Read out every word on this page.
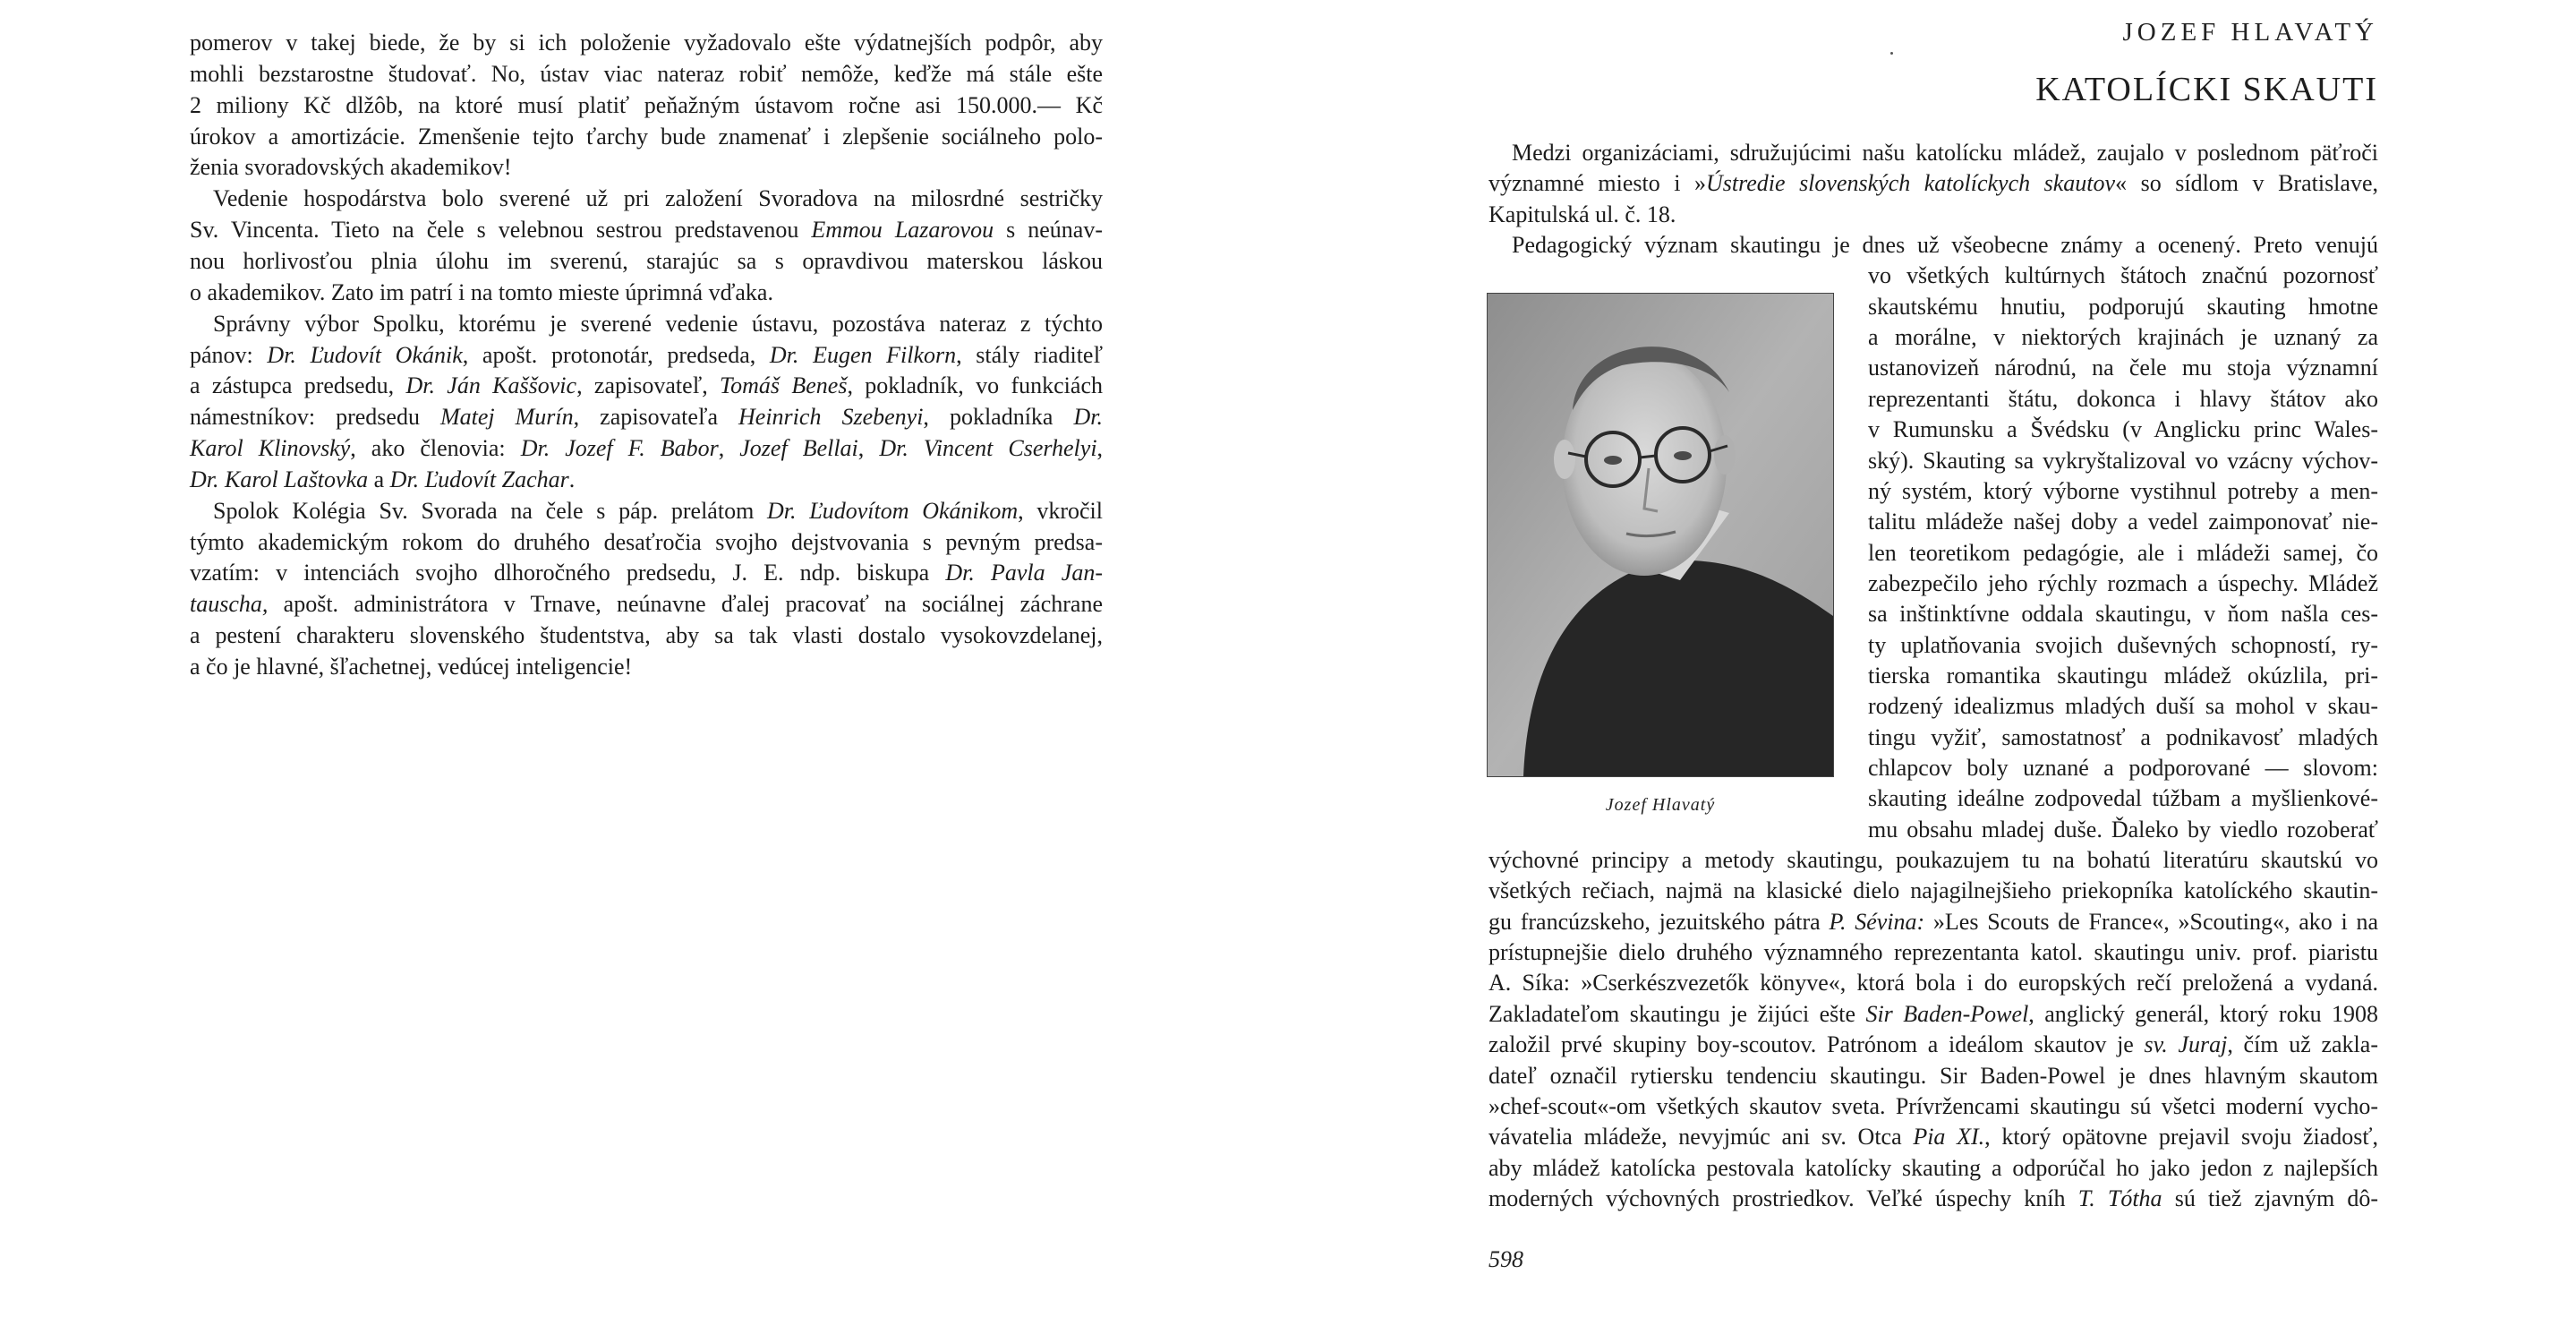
pomerov v takej biede, že by si ich položenie vyžadovalo ešte výdatnejších podpôr, aby
mohli bezstarostne študovať. No, ústav viac nateraz robiť nemôže, keďže má stále ešte
2 miliony Kč dlžôb, na ktoré musí platiť peňažným ústavom ročne asi 150.000.— Kč
úrokov a amortizácie. Zmenšenie tejto ťarchy bude znamenať i zlepšenie sociálneho polo-
ženia svoradovských akademikov!
Vedenie hospodárstva bolo sverené už pri založení Svoradova na milosrdné sestričky
Sv. Vincenta. Tieto na čele s velebnou sestrou predstavenou Emmou Lazarovou s neúnav-
nou horlivosťou plnia úlohu im sverenú, starajúc sa s opravdivou materskou láskou
o akademikov. Zato im patrí i na tomto mieste úprimná vďaka.
Správny výbor Spolku, ktorému je sverené vedenie ústavu, pozostáva nateraz z týchto
pánov: Dr. Ľudovít Okánik, apošt. protonotár, predseda, Dr. Eugen Filkorn, stály riaditeľ
a zástupca predsedu, Dr. Ján Kaššovic, zapisovateľ, Tomáš Beneš, pokladník, vo funkciách
námestníkov: predsedu Matej Murín, zapisovateľa Heinrich Szebenyi, pokladníka Dr.
Karol Klinovský, ako členovia: Dr. Jozef F. Babor, Jozef Bellai, Dr. Vincent Cserhelyi,
Dr. Karol Laštovka a Dr. Ľudovít Zachar.
Spolok Kolégia Sv. Svorada na čele s páp. prelátom Dr. Ľudovítom Okánikom, vkročil
týmto akademickým rokom do druhého desaťročia svojho dejstvovania s pevným predsa-
vzatím: v intenciách svojho dlhoročného predsedu, J. E. ndp. biskupa Dr. Pavla Jan-
tauscha, apošt. administrátora v Trnave, neúnavne ďalej pracovať na sociálnej záchrane
a pestení charakteru slovenského študentstva, aby sa tak vlasti dostalo vysokovzdelanej,
a čo je hlavné, šľachetnej, vedúcej inteligencie!
JOZEF HLAVATÝ
KATOLÍCKI SKAUTI
Jozef Hlavatý
Medzi organizáciami, sdružujúcimi našu katolícku mládež, zaujalo v poslednom päťroči
významné miesto i »Ústredie slovenských katolíckych skautov« so sídlom v Bratislave,
Kapitulská ul. č. 18.
Pedagogický význam skautingu je dnes už všeobecne známy a ocenený. Preto venujú
vo všetkých kultúrnych štátoch značnú pozornosť
skautskému hnutiu, podporujú skauting hmotne
a morálne, v niektorých krajinách je uznaný za
ustanovizeň národnú, na čele mu stoja významní
reprezentanti štátu, dokonca i hlavy štátov ako
v Rumunsku a Švédsku (v Anglicku princ Wales-
ský). Skauting sa vykryštalizoval vo vzácny výchov-
ný systém, ktorý výborne vystihnul potreby a men-
talitu mládeže našej doby a vedel zaimponovať nie-
len teoretikom pedagógie, ale i mládeži samej, čo
zabezpečilo jeho rýchly rozmach a úspechy. Mládež
sa inštinktívne oddala skautingu, v ňom našla ces-
ty uplatňovania svojich duševných schopností, ry-
tierska romantika skautingu mládež okúzlila, pri-
rodzený idealizmus mladých duší sa mohol v skau-
tingu vyžiť, samostatnosť a podnikavosť mladých
chlapcov boly uznané a podporované — slovom:
skauting ideálne zodpovedal túžbam a myšlienkové-
mu obsahu mladej duše. Ďaleko by viedlo rozoberať
výchovné principy a metody skautingu, poukazujem tu na bohatú literatúru skautskú vo
všetkých rečiach, najmä na klasické dielo najagilnejšieho priekopníka katolíckého skautin-
gu francúzskeho, jezuitského pátra P. Sévina: »Les Scouts de France«, »Scouting«, ako i na
prístupnejšie dielo druhého významného reprezentanta katol. skautingu univ. prof. piaristu
A. Síka: »Cserkészvezetők könyve«, ktorá bola i do europských rečí preložená a vydaná.
Zakladateľom skautingu je žijúci ešte Sir Baden-Powel, anglický generál, ktorý roku 1908
založil prvé skupiny boy-scoutov. Patrónom a ideálom skautov je sv. Juraj, čím už zakla-
dateľ označil rytiersku tendenciu skautingu. Sir Baden-Powel je dnes hlavným skautom
»chef-scout«-om všetkých skautov sveta. Prívržencami skautingu sú všetci moderní vycho-
vávatelia mládeže, nevyjmúc ani sv. Otca Pia XI., ktorý opätovne prejavil svoju žiadosť,
aby mládež katolícka pestovala katolícky skauting a odporúčal ho jako jedon z najlepších
moderných výchovných prostriedkov. Veľké úspechy kníh T. Tótha sú tiež zjavným dô-
598
